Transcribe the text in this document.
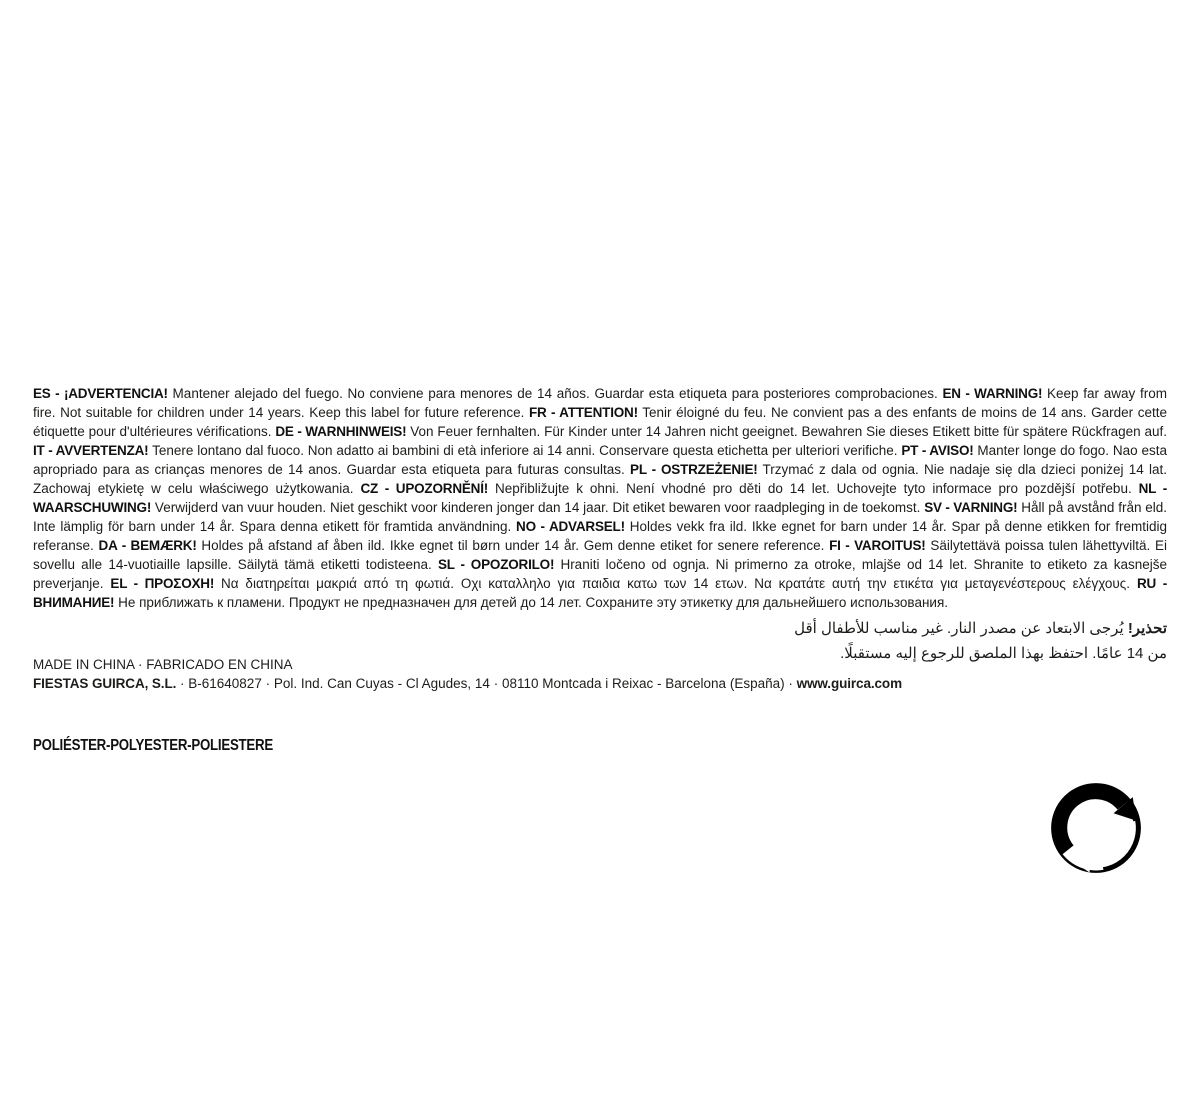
ES - ¡ADVERTENCIA! Mantener alejado del fuego. No conviene para menores de 14 años. Guardar esta etiqueta para posteriores comprobaciones. EN - WARNING! Keep far away from fire. Not suitable for children under 14 years. Keep this label for future reference. FR - ATTENTION! Tenir éloigné du feu. Ne convient pas a des enfants de moins de 14 ans. Garder cette étiquette pour d'ultérieures vérifications. DE - WARNHINWEIS! Von Feuer fernhalten. Für Kinder unter 14 Jahren nicht geeignet. Bewahren Sie dieses Etikett bitte für spätere Rückfragen auf. IT - AVVERTENZA! Tenere lontano dal fuoco. Non adatto ai bambini di età inferiore ai 14 anni. Conservare questa etichetta per ulteriori verifiche. PT - AVISO! Manter longe do fogo. Nao esta apropriado para as crianças menores de 14 anos. Guardar esta etiqueta para futuras consultas. PL - OSTRZEŻENIE! Trzymać z dala od ognia. Nie nadaje się dla dzieci poniżej 14 lat. Zachowaj etykietę w celu właściwego użytkowania. CZ - UPOZORNĚNÍ! Nepřibližujte k ohni. Není vhodné pro děti do 14 let. Uchovejte tyto informace pro pozdější potřebu. NL - WAARSCHUWING! Verwijderd van vuur houden. Niet geschikt voor kinderen jonger dan 14 jaar. Dit etiket bewaren voor raadpleging in de toekomst. SV - VARNING! Håll på avstånd från eld. Inte lämplig för barn under 14 år. Spara denna etikett för framtida användning. NO - ADVARSEL! Holdes vekk fra ild. Ikke egnet for barn under 14 år. Spar på denne etikken for fremtidig referanse. DA - BEMÆRK! Holdes på afstand af åben ild. Ikke egnet til børn under 14 år. Gem denne etiket for senere reference. FI - VAROITUS! Säilytettävä poissa tulen lähettyviltä. Ei sovellu alle 14-vuotiaille lapsille. Säilytä tämä etiketti todisteena. SL - OPOZORILO! Hraniti ločeno od ognja. Ni primerno za otroke, mlajše od 14 let. Shranite to etiketo za kasnejše preverjanje. EL - ΠΡΟΣΟΧΗ! Να διατηρείται μακριά από τη φωτιά. Οχι καταλληλο για παιδια κατω των 14 ετων. Να κρατάτε αυτή την ετικέτα για μεταγενέστερους ελέγχους. RU - ВНИМАНИЕ! Не приближать к пламени. Продукт не предназначен для детей до 14 лет. Сохраните эту этикетку для дальнейшего использования.

تحذير! يُرجى الابتعاد عن مصدر النار. غير مناسب للأطفال أقل
من 14 عامًا. احتفظ بهذا الملصق للرجوع إليه مستقبلًا.
MADE IN CHINA · FABRICADO EN CHINA
FIESTAS GUIRCA, S.L. · B-61640827 · Pol. Ind. Can Cuyas - Cl Agudes, 14 · 08110 Montcada i Reixac - Barcelona (España) · www.guirca.com
POLIÉSTER-POLYESTER-POLIESTERE
